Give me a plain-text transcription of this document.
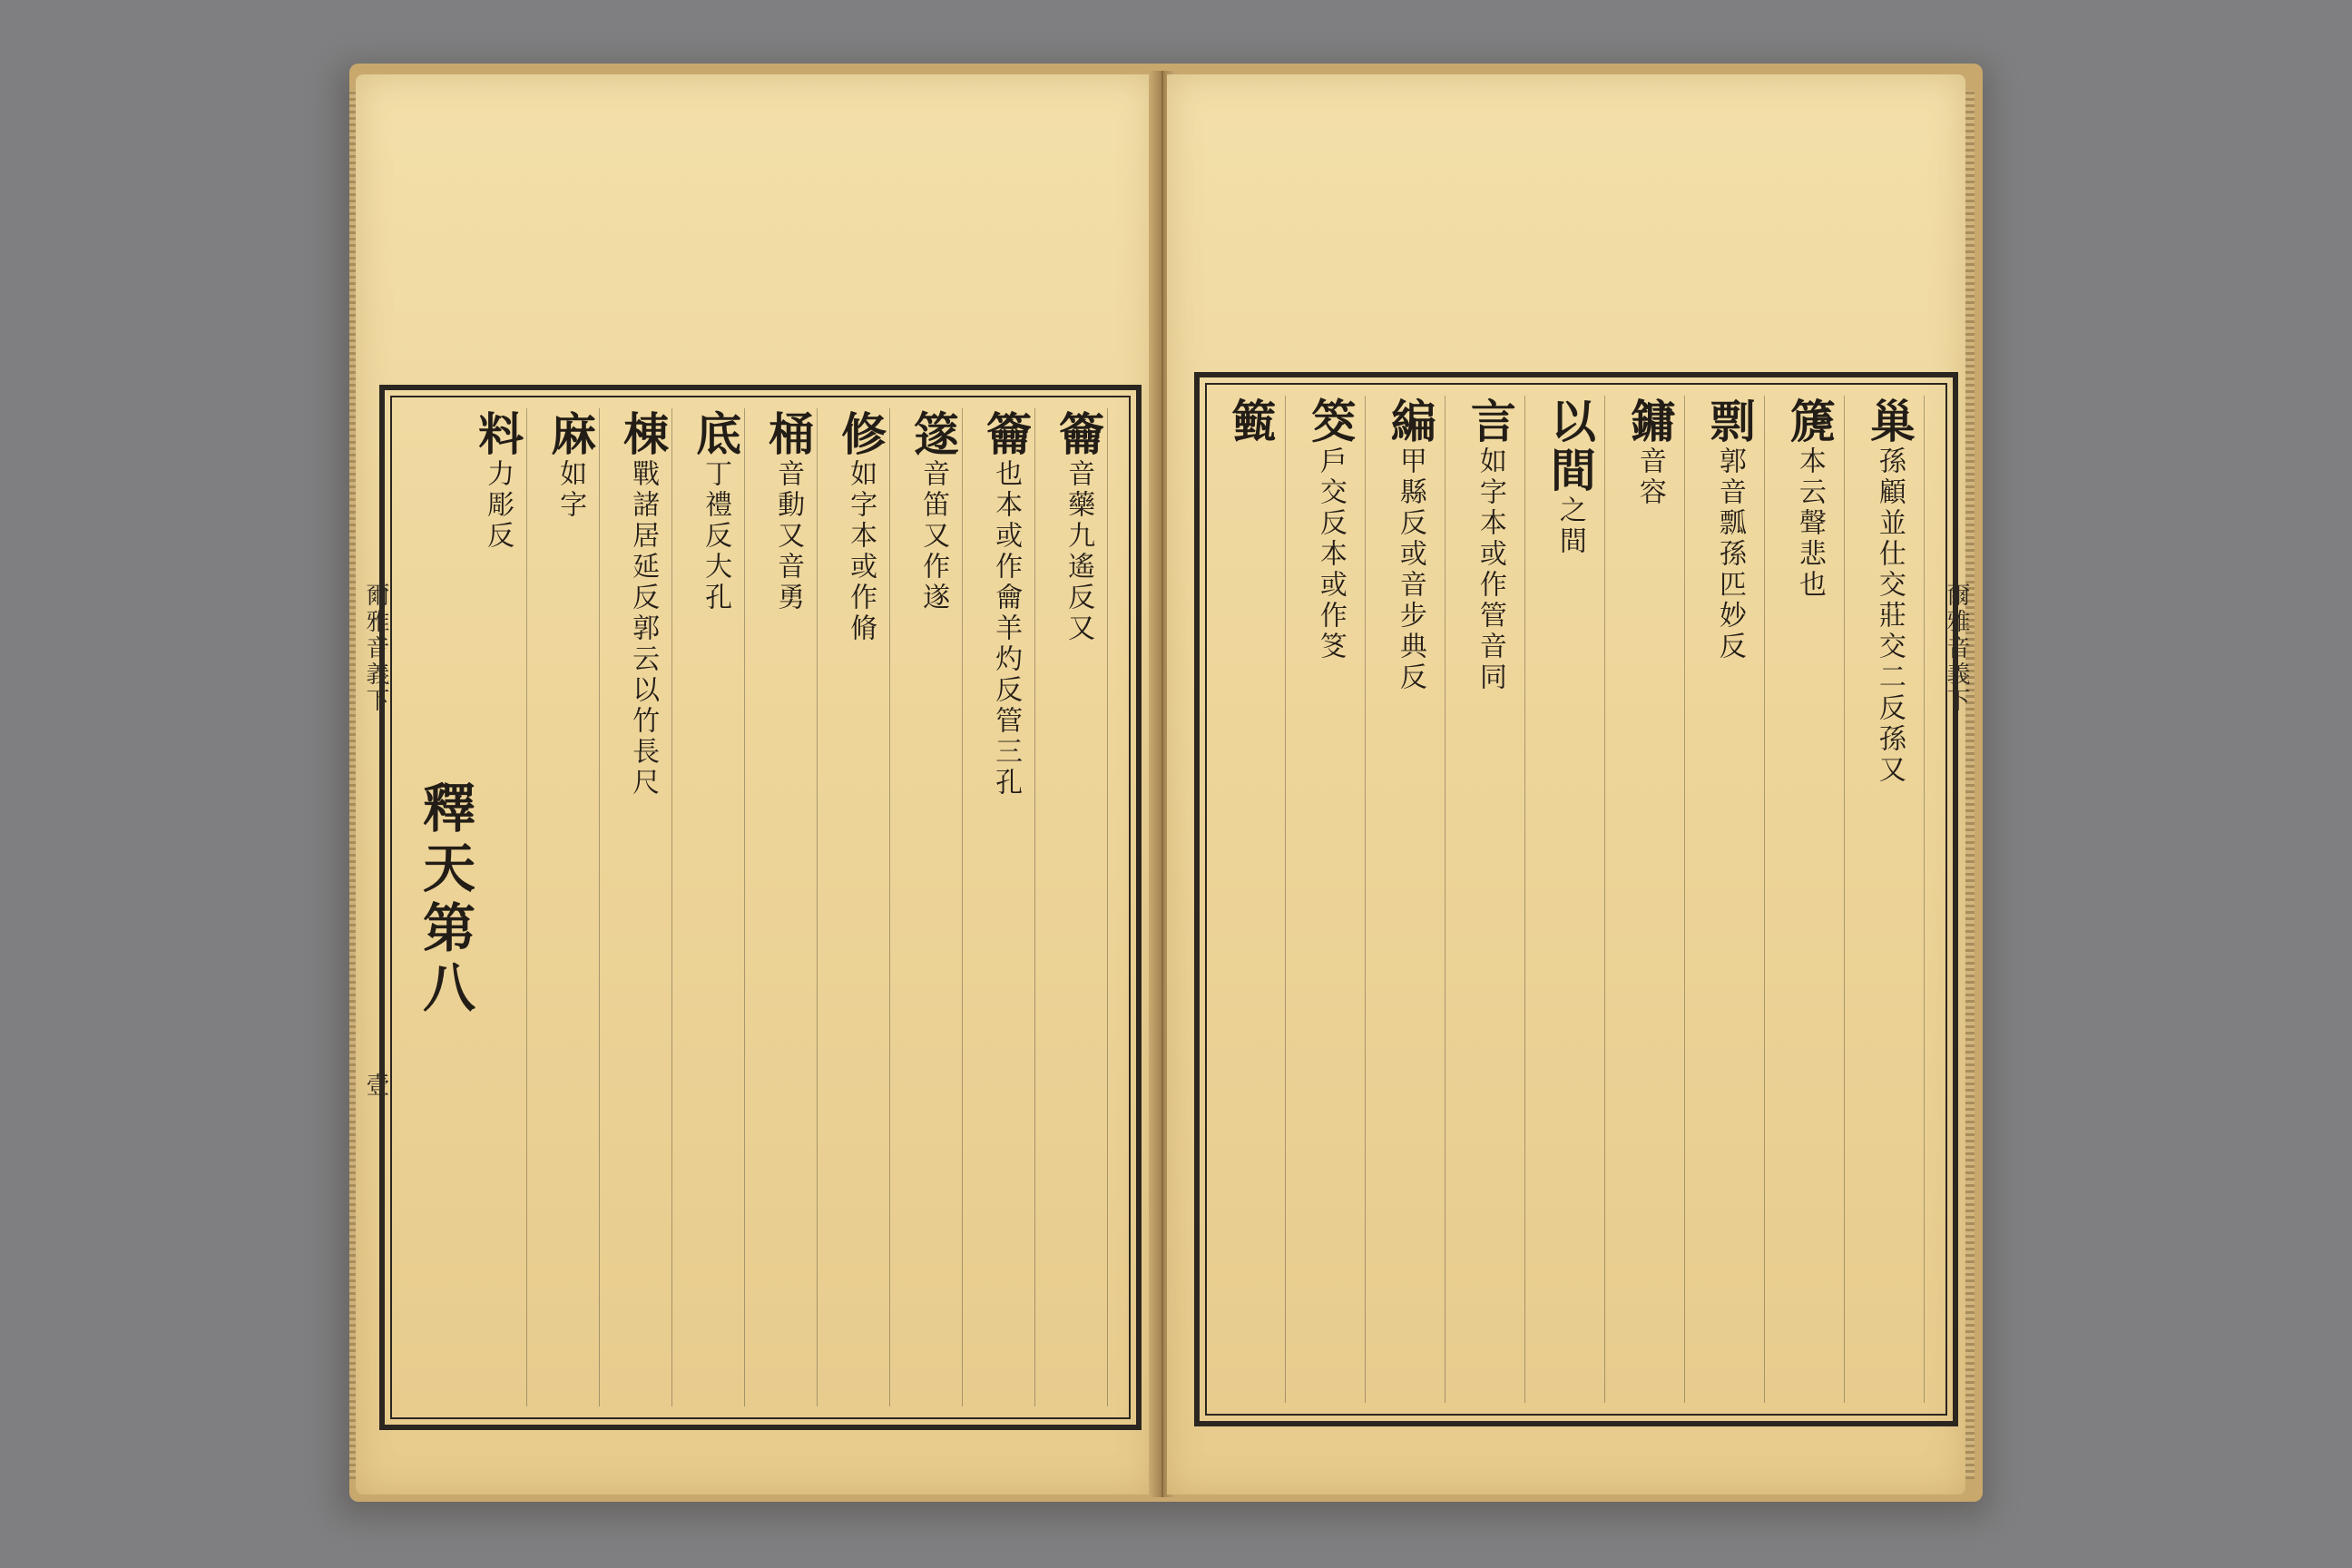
爾雅音義下
壹
釋天第八
籥音藥九遙反又
籥也本或作龠羊灼反管三孔
篴音笛又作遂
修如字本或作脩
桶音動又音勇
底丁禮反大孔
棟戰諸居延反郭云以竹長尺
麻如字
料力彫反
爾雅音義下
巢孫顧並仕交莊交二反孫又
篪本云聲悲也
剽郭音瓢孫匹妙反
鏞音容
以間之間
言如字本或作管音同
編甲縣反或音步典反
筊戶交反本或作笅
籈
